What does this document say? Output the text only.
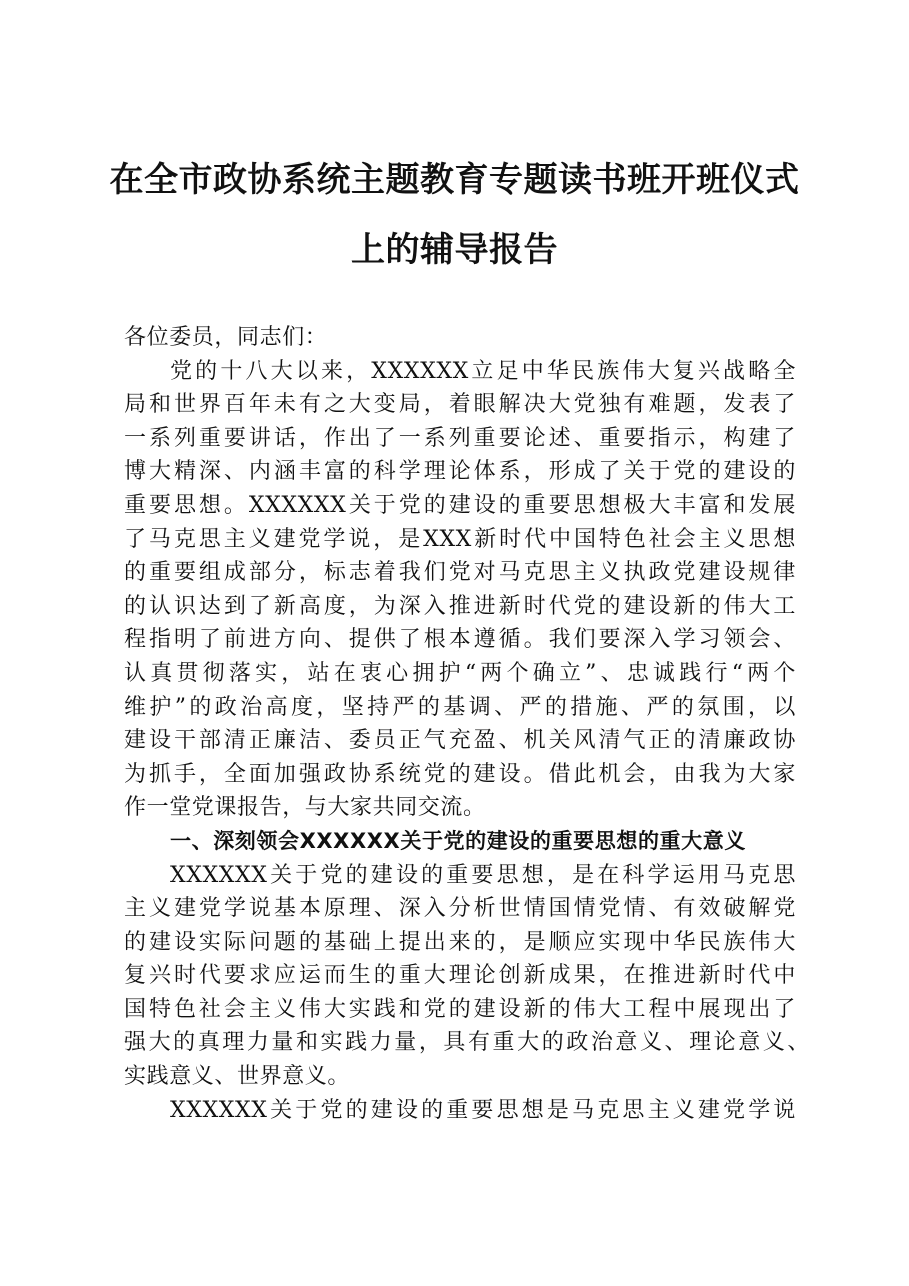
在全市政协系统主题教育专题读书班开班仪式
上的辅导报告
各位委员，同志们：
党的十八大以来，XXXXXX立足中华民族伟大复兴战略全
局和世界百年未有之大变局，着眼解决大党独有难题，发表了
一系列重要讲话，作出了一系列重要论述、重要指示，构建了
博大精深、内涵丰富的科学理论体系，形成了关于党的建设的
重要思想。XXXXXX关于党的建设的重要思想极大丰富和发展
了马克思主义建党学说，是XXX新时代中国特色社会主义思想
的重要组成部分，标志着我们党对马克思主义执政党建设规律
的认识达到了新高度，为深入推进新时代党的建设新的伟大工
程指明了前进方向、提供了根本遵循。我们要深入学习领会、
认真贯彻落实，站在衷心拥护“两个确立”、忠诚践行“两个
维护”的政治高度，坚持严的基调、严的措施、严的氛围，以
建设干部清正廉洁、委员正气充盈、机关风清气正的清廉政协
为抓手，全面加强政协系统党的建设。借此机会，由我为大家
作一堂党课报告，与大家共同交流。
一、深刻领会XXXXXX关于党的建设的重要思想的重大意义
XXXXXX关于党的建设的重要思想，是在科学运用马克思
主义建党学说基本原理、深入分析世情国情党情、有效破解党
的建设实际问题的基础上提出来的，是顺应实现中华民族伟大
复兴时代要求应运而生的重大理论创新成果，在推进新时代中
国特色社会主义伟大实践和党的建设新的伟大工程中展现出了
强大的真理力量和实践力量，具有重大的政治意义、理论意义、
实践意义、世界意义。
XXXXXX关于党的建设的重要思想是马克思主义建党学说
